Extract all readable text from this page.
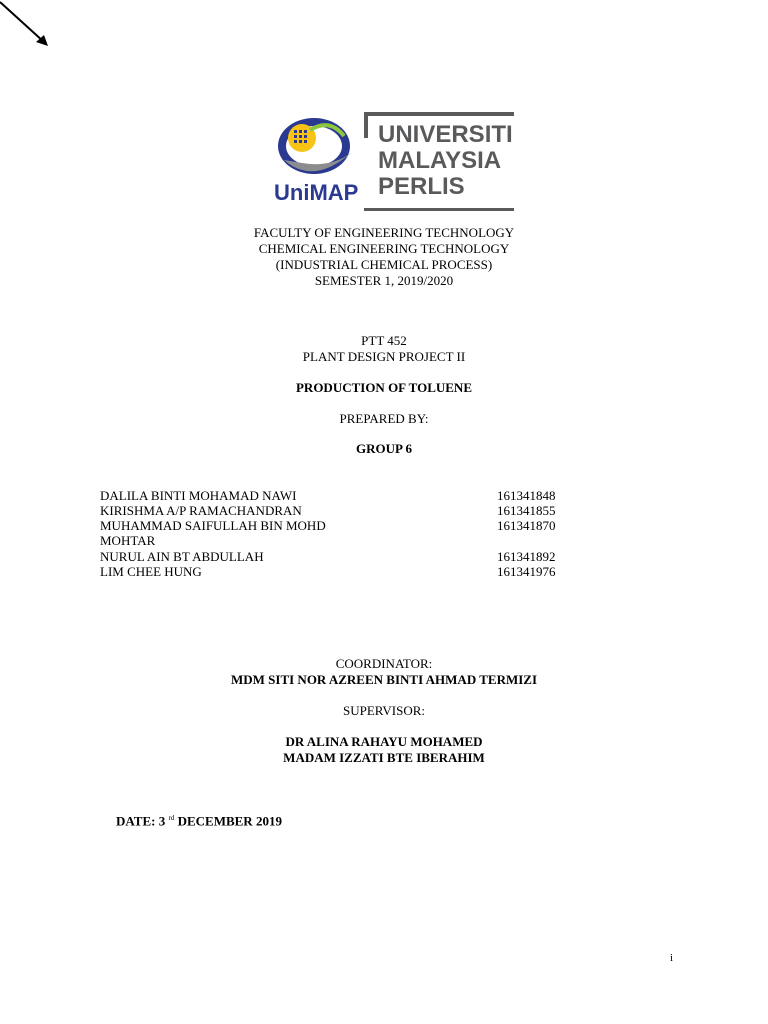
UniMAP
UNIVERSITI
MALAYSIA
PERLIS
FACULTY OF ENGINEERING TECHNOLOGY
CHEMICAL ENGINEERING TECHNOLOGY
(INDUSTRIAL CHEMICAL PROCESS)
SEMESTER 1, 2019/2020
PTT 452
PLANT DESIGN PROJECT II
PRODUCTION OF TOLUENE
PREPARED BY:
GROUP 6
DALILA BINTI MOHAMAD NAWI	161341848
KIRISHMA A/P RAMACHANDRAN	161341855
MUHAMMAD SAIFULLAH BIN MOHD	161341870
MOHTAR
NURUL AIN BT ABDULLAH	161341892
LIM CHEE HUNG	161341976
COORDINATOR:
MDM SITI NOR AZREEN BINTI AHMAD TERMIZI
SUPERVISOR:
DR ALINA RAHAYU MOHAMED
MADAM IZZATI BTE IBERAHIM
DATE: 3 $^{rd}$ DECEMBER 2019
i
